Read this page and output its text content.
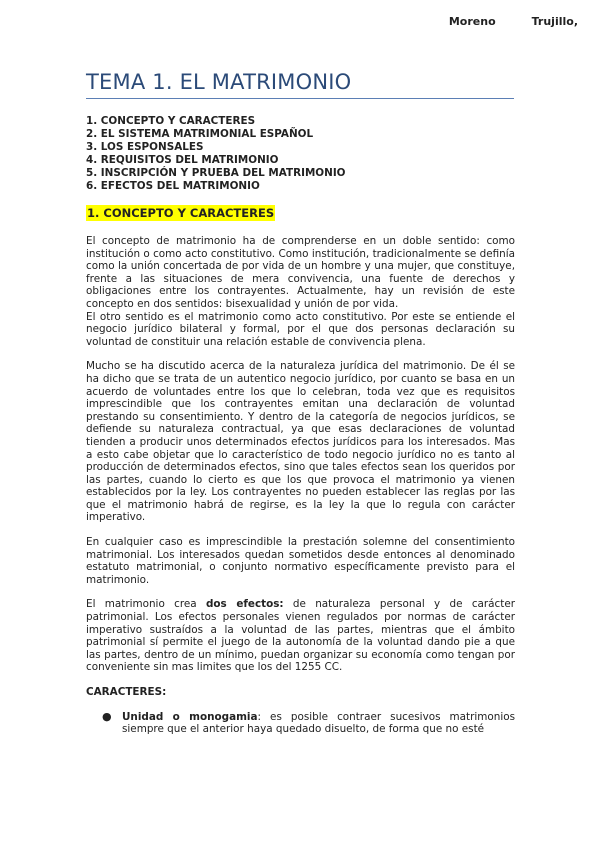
Moreno	Trujillo,
TEMA 1. EL MATRIMONIO
1. CONCEPTO Y CARACTERES
2. EL SISTEMA MATRIMONIAL ESPAÑOL
3. LOS ESPONSALES
4. REQUISITOS DEL MATRIMONIO
5. INSCRIPCIÓN Y PRUEBA DEL MATRIMONIO
6. EFECTOS DEL MATRIMONIO
1. CONCEPTO Y CARACTERES

El concepto de matrimonio ha de comprenderse en un doble sentido: como institución o como acto constitutivo. Como institución, tradicionalmente se definía como la unión concertada de por vida de un hombre y una mujer, que constituye, frente a las situaciones de mera convivencia, una fuente de derechos y obligaciones entre los contrayentes. Actualmente, hay un revisión de este concepto en dos sentidos: bisexualidad y unión de por vida.

El otro sentido es el matrimonio como acto constitutivo. Por este se entiende el negocio jurídico bilateral y formal, por el que dos personas declaración su voluntad de constituir una relación estable de convivencia plena.

Mucho se ha discutido acerca de la naturaleza jurídica del matrimonio. De él se ha dicho que se trata de un autentico negocio jurídico, por cuanto se basa en un acuerdo de voluntades entre los que lo celebran, toda vez que es requisitos imprescindible que los contrayentes emitan una declaración de voluntad prestando su consentimiento. Y dentro de la categoría de negocios jurídicos, se defiende su naturaleza contractual, ya que esas declaraciones de voluntad tienden a producir unos determinados efectos jurídicos para los interesados. Mas a esto cabe objetar que lo característico de todo negocio jurídico no es tanto al producción de determinados efectos, sino que tales efectos sean los queridos por las partes, cuando lo cierto es que los que provoca el matrimonio ya vienen establecidos por la ley. Los contrayentes no pueden establecer las reglas por las que el matrimonio habrá de regirse, es la ley la que lo regula con carácter imperativo.

En cualquier caso es imprescindible la prestación solemne del consentimiento matrimonial. Los interesados quedan sometidos desde entonces al denominado estatuto matrimonial, o conjunto normativo específicamente previsto para el matrimonio.

El matrimonio crea dos efectos: de naturaleza personal y de carácter patrimonial. Los efectos personales vienen regulados por normas de carácter imperativo sustraídos a la voluntad de las partes, mientras que el ámbito patrimonial sí permite el juego de la autonomía de la voluntad dando pie a que las partes, dentro de un mínimo, puedan organizar su economía como tengan por conveniente sin mas limites que los del 1255 CC.

CARACTERES:
● Unidad o monogamia: es posible contraer sucesivos matrimonios siempre que el anterior haya quedado disuelto, de forma que no esté
